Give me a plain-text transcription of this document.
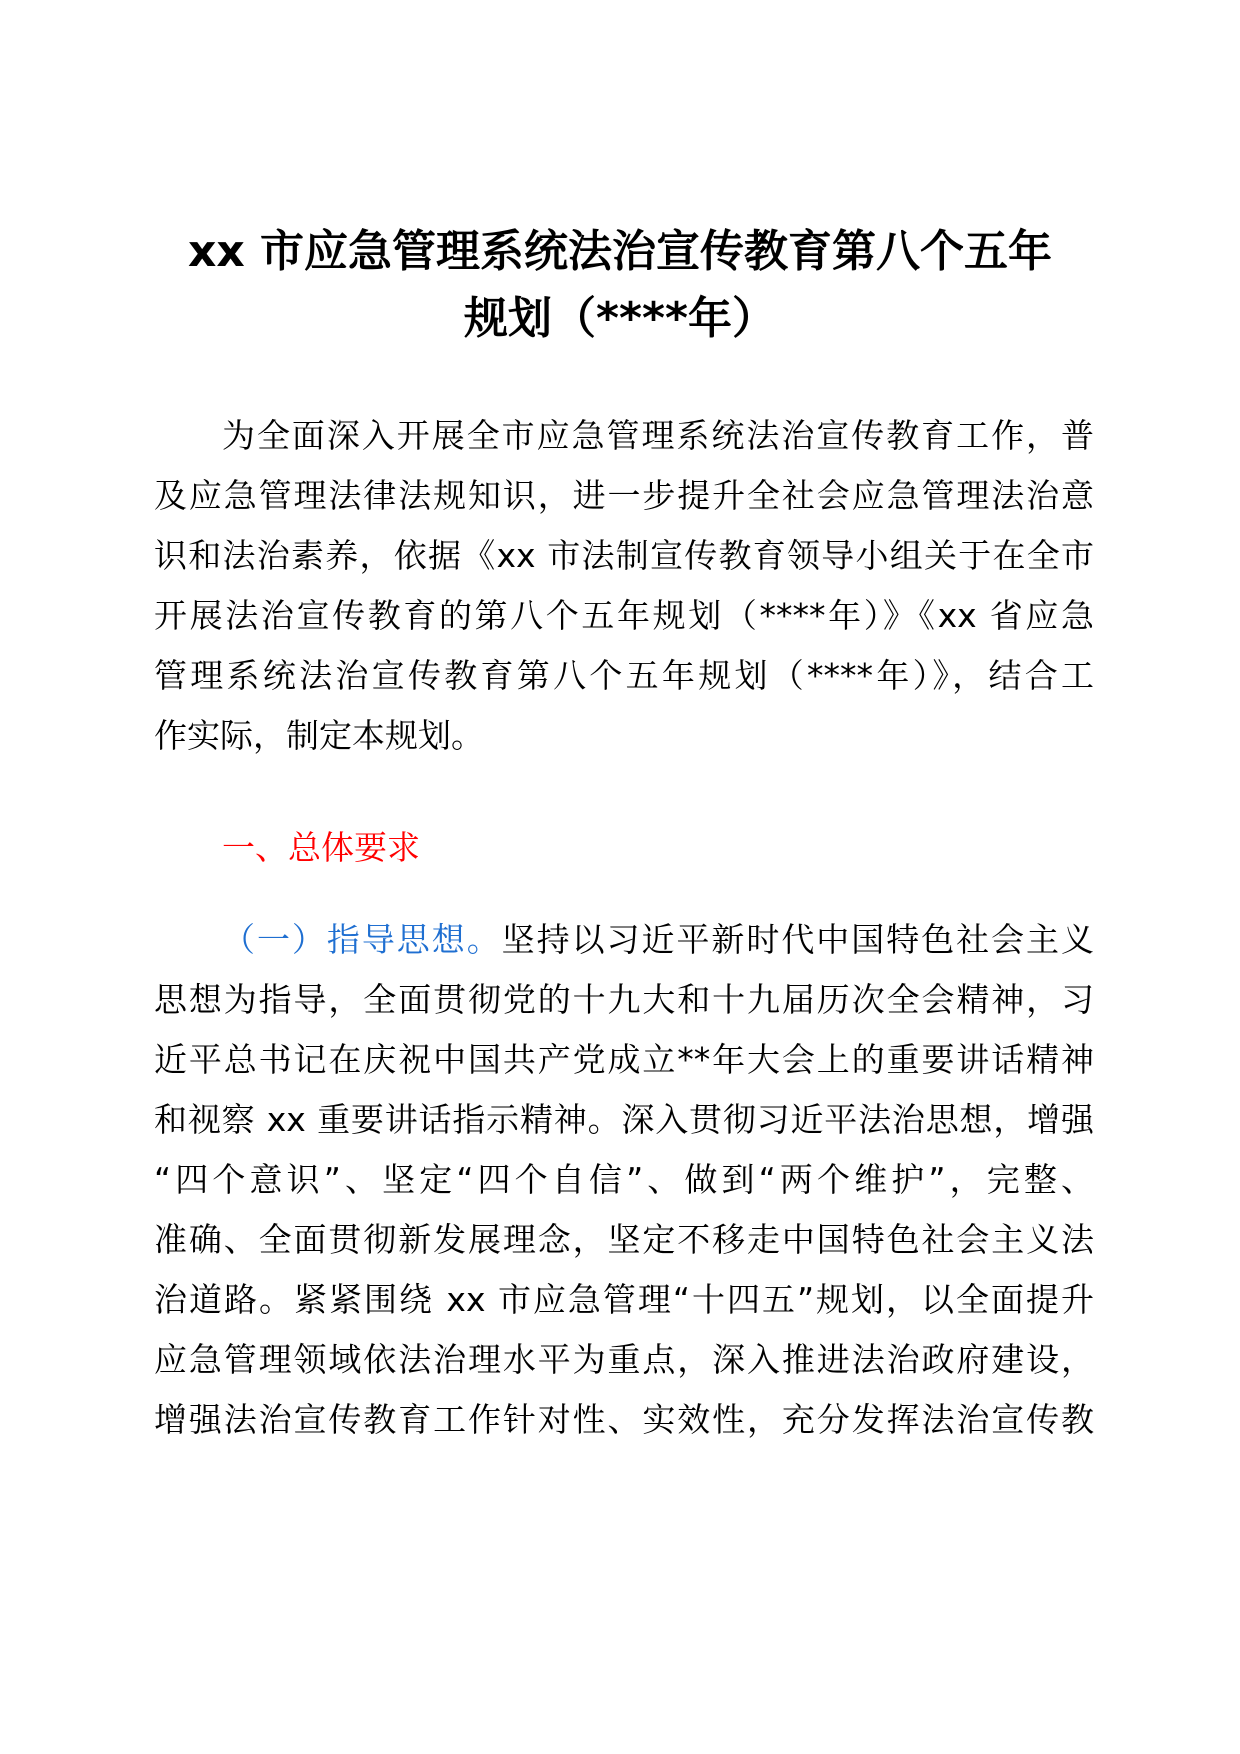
xx 市应急管理系统法治宣传教育第八个五年
规划（****年）
为全面深入开展全市应急管理系统法治宣传教育工作，普
及应急管理法律法规知识，进一步提升全社会应急管理法治意
识和法治素养，依据《xx 市法制宣传教育领导小组关于在全市
开展法治宣传教育的第八个五年规划（****年）》《xx 省应急
管理系统法治宣传教育第八个五年规划（****年）》，结合工
作实际，制定本规划。
一、总体要求
（一）指导思想。坚持以习近平新时代中国特色社会主义
思想为指导，全面贯彻党的十九大和十九届历次全会精神，习
近平总书记在庆祝中国共产党成立**年大会上的重要讲话精神
和视察 xx 重要讲话指示精神。深入贯彻习近平法治思想，增强
“四个意识”、坚定“四个自信”、做到“两个维护”，完整、
准确、全面贯彻新发展理念，坚定不移走中国特色社会主义法
治道路。紧紧围绕 xx 市应急管理“十四五”规划，以全面提升
应急管理领域依法治理水平为重点，深入推进法治政府建设，
增强法治宣传教育工作针对性、实效性，充分发挥法治宣传教
